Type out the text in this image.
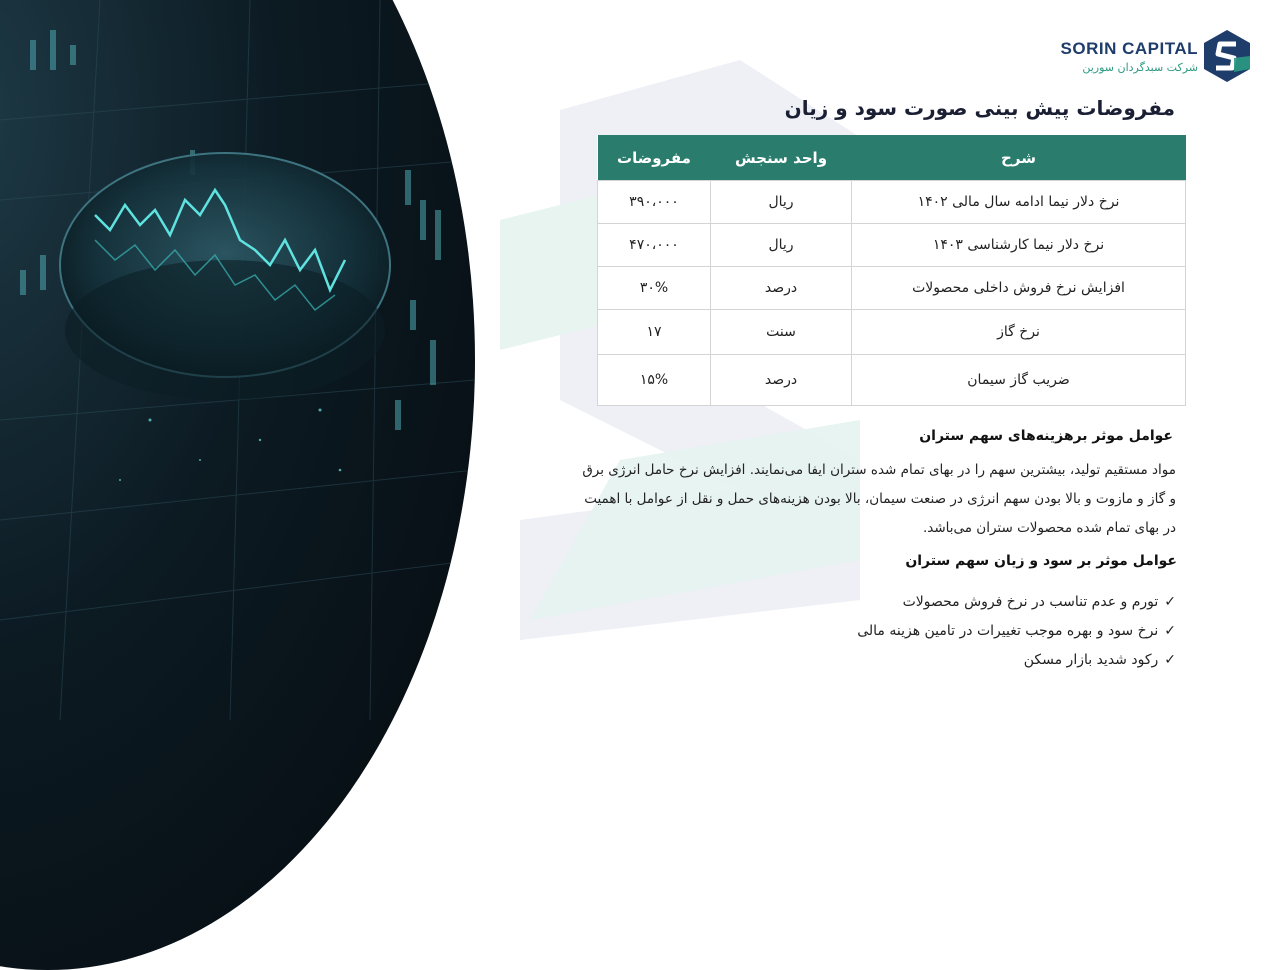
SORIN CAPITAL
شرکت سبدگردان سورین
مفروضات پیش بینی صورت سود و زیان
شرح	واحد سنجش	مفروضات
نرخ دلار نیما ادامه سال مالی ۱۴۰۲	ریال	۳۹۰،۰۰۰
نرخ دلار نیما کارشناسی ۱۴۰۳	ریال	۴۷۰،۰۰۰
افزایش نرخ فروش داخلی محصولات	درصد	۳۰%
نرخ گاز	سنت	۱۷
ضریب گاز سیمان	درصد	۱۵%
عوامل موثر برهزینه‌های سهم ستران
مواد مستقیم تولید، بیشترین سهم را در بهای تمام شده ستران ایفا می‌نمایند. افزایش نرخ حامل انرژی برق
و گاز و مازوت و بالا بودن سهم انرژی در صنعت سیمان، بالا بودن هزینه‌های حمل و نقل از عوامل با اهمیت
در بهای تمام شده محصولات ستران می‌باشد.
عوامل موثر بر سود و زیان سهم ستران
✓تورم و عدم تناسب در نرخ فروش محصولات
✓نرخ سود و بهره موجب تغییرات در تامین هزینه مالی
✓رکود شدید بازار مسکن
